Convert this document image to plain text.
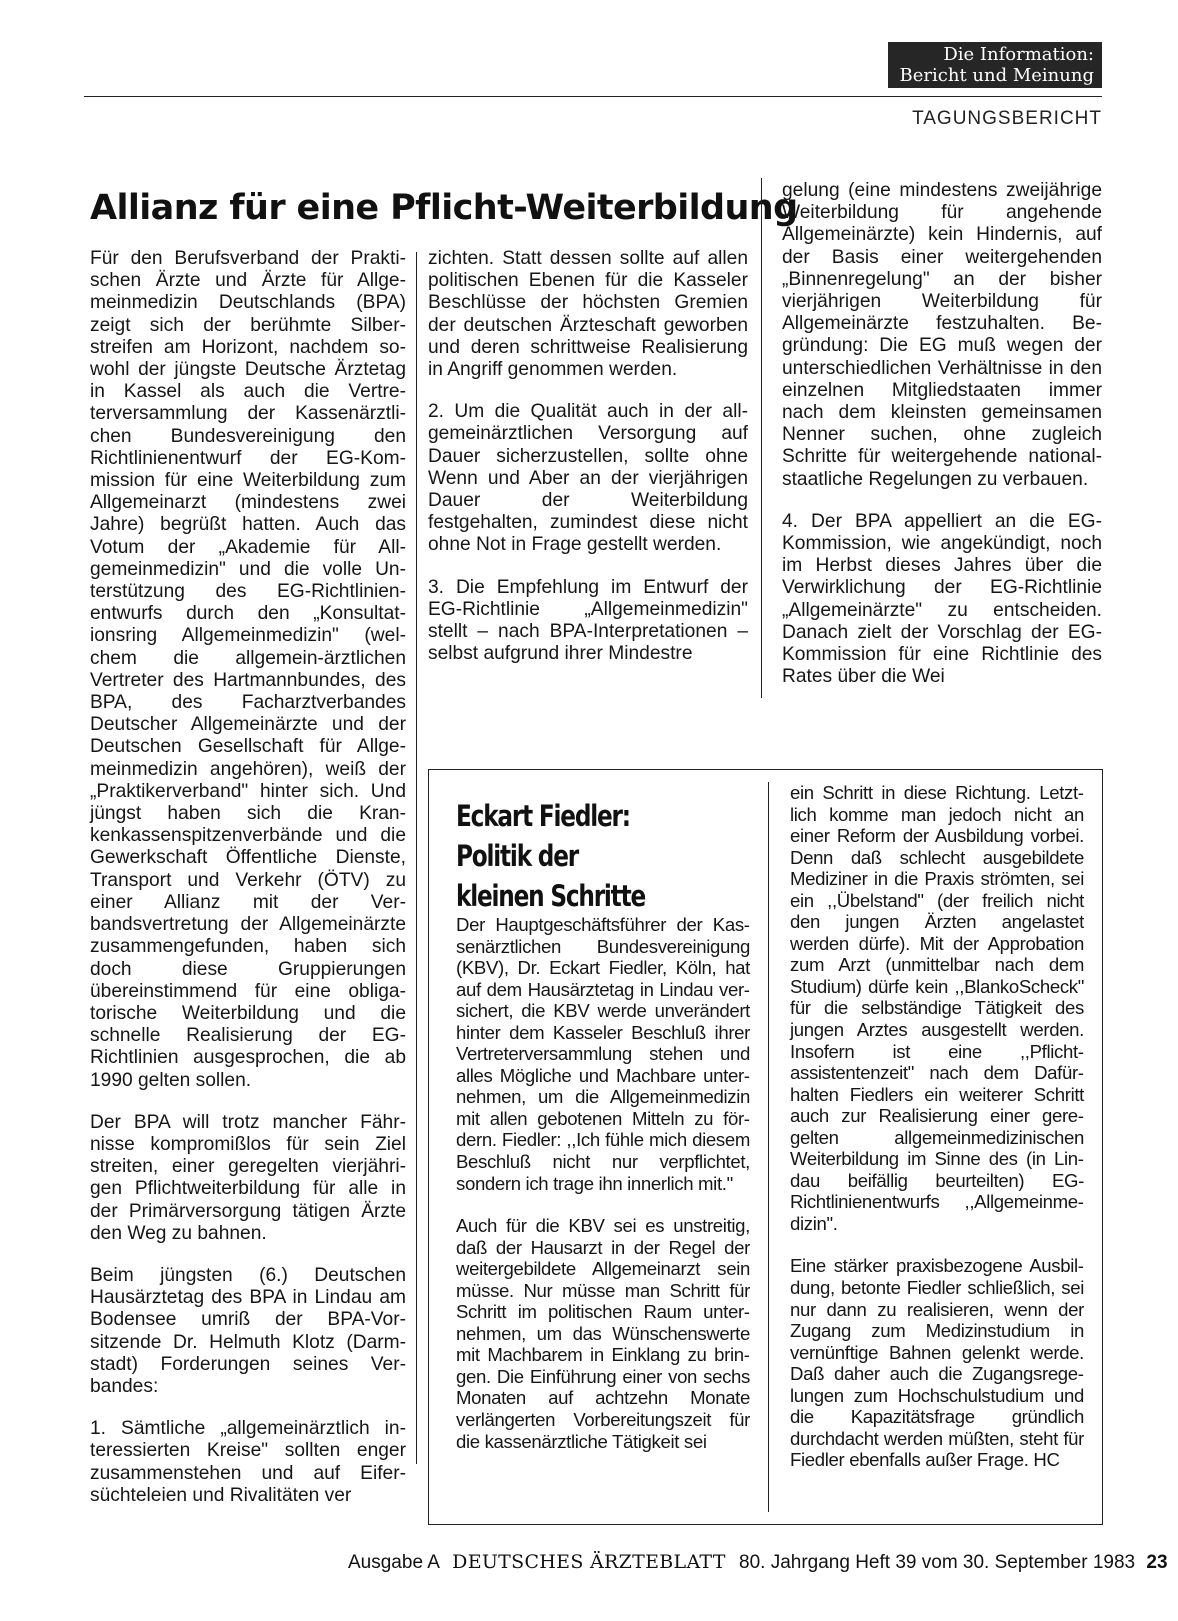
Die Information:
Bericht und Meinung
TAGUNGSBERICHT
Allianz für eine Pflicht-Weiterbildung

Für den Berufsverband der Praktischen Ärzte und Ärzte für Allgemeinmedizin Deutschlands (BPA) zeigt sich der berühmte Silberstreifen am Horizont, nachdem sowohl der jüngste Deutsche Ärztetag in Kassel als auch die Vertreterversammlung der Kassenärztlichen Bundesvereinigung den Richtlinienentwurf der EG-Kommission für eine Weiterbildung zum Allgemeinarzt (mindestens zwei Jahre) begrüßt hatten. Auch das Votum der „Akademie für Allgemeinmedizin" und die volle Unterstützung des EG-Richtlinienentwurfs durch den „Konsultationsring Allgemeinmedizin" (welchem die allgemein-ärztlichen Vertreter des Hartmannbundes, des BPA, des Facharztverbandes Deutscher Allgemeinärzte und der Deutschen Gesellschaft für Allgemeinmedizin angehören), weiß der „Praktikerverband" hinter sich. Und jüngst haben sich die Krankenkassenspitzenverbände und die Gewerkschaft Öffentliche Dienste, Transport und Verkehr (ÖTV) zu einer Allianz mit der Verbandsvertretung der Allgemeinärzte zusammengefunden, haben sich doch diese Gruppierungen übereinstimmend für eine obligatorische Weiterbildung und die schnelle Realisierung der EG-Richtlinien ausgesprochen, die ab 1990 gelten sollen.

Der BPA will trotz mancher Fährnisse kompromißlos für sein Ziel streiten, einer geregelten vierjährigen Pflichtweiterbildung für alle in der Primärversorgung tätigen Ärzte den Weg zu bahnen.

Beim jüngsten (6.) Deutschen Hausärztetag des BPA in Lindau am Bodensee umriß der BPA-Vorsitzende Dr. Helmuth Klotz (Darmstadt) Forderungen seines Verbandes:

1. Sämtliche „allgemeinärztlich interessierten Kreise" sollten enger zusammenstehen und auf Eifersüchteleien und Rivalitäten ver

zichten. Statt dessen sollte auf allen politischen Ebenen für die Kasseler Beschlüsse der höchsten Gremien der deutschen Ärzteschaft geworben und deren schrittweise Realisierung in Angriff genommen werden.

2. Um die Qualität auch in der allgemeinärztlichen Versorgung auf Dauer sicherzustellen, sollte ohne Wenn und Aber an der vierjährigen Dauer der Weiterbildung festgehalten, zumindest diese nicht ohne Not in Frage gestellt werden.

3. Die Empfehlung im Entwurf der EG-Richtlinie „Allgemeinmedizin" stellt – nach BPA-Interpretationen – selbst aufgrund ihrer Mindestre

gelung (eine mindestens zweijährige Weiterbildung für angehende Allgemeinärzte) kein Hindernis, auf der Basis einer weitergehenden „Binnenregelung" an der bisher vierjährigen Weiterbildung für Allgemeinärzte festzuhalten. Begründung: Die EG muß wegen der unterschiedlichen Verhältnisse in den einzelnen Mitgliedstaaten immer nach dem kleinsten gemeinsamen Nenner suchen, ohne zugleich Schritte für weitergehende national-staatliche Regelungen zu verbauen.

4. Der BPA appelliert an die EG-Kommission, wie angekündigt, noch im Herbst dieses Jahres über die Verwirklichung der EG-Richtlinie „Allgemeinärzte" zu entscheiden. Danach zielt der Vorschlag der EG-Kommission für eine Richtlinie des Rates über die Wei

Eckart Fiedler:
Politik der
kleinen Schritte

Der Hauptgeschäftsführer der Kassenärztlichen Bundesvereinigung (KBV), Dr. Eckart Fiedler, Köln, hat auf dem Hausärztetag in Lindau versichert, die KBV werde unverändert hinter dem Kasseler Beschluß ihrer Vertreterversammlung stehen und alles Mögliche und Machbare unternehmen, um die Allgemeinmedizin mit allen gebotenen Mitteln zu fördern. Fiedler: ,,Ich fühle mich diesem Beschluß nicht nur verpflichtet, sondern ich trage ihn innerlich mit."

Auch für die KBV sei es unstreitig, daß der Hausarzt in der Regel der weitergebildete Allgemeinarzt sein müsse. Nur müsse man Schritt für Schritt im politischen Raum unternehmen, um das Wünschenswerte mit Machbarem in Einklang zu bringen. Die Einführung einer von sechs Monaten auf achtzehn Monate verlängerten Vorbereitungszeit für die kassenärztliche Tätigkeit sei

ein Schritt in diese Richtung. Letztlich komme man jedoch nicht an einer Reform der Ausbildung vorbei. Denn daß schlecht ausgebildete Mediziner in die Praxis strömten, sei ein ,,Übelstand" (der freilich nicht den jungen Ärzten angelastet werden dürfe). Mit der Approbation zum Arzt (unmittelbar nach dem Studium) dürfe kein ,,BlankoScheck" für die selbständige Tätigkeit des jungen Arztes ausgestellt werden. Insofern ist eine ,,Pflichtassistentenzeit" nach dem Dafürhalten Fiedlers ein weiterer Schritt auch zur Realisierung einer geregelten allgemeinmedizinischen Weiterbildung im Sinne des (in Lindau beifällig beurteilten) EG-Richtlinienentwurfs ,,Allgemeinmedizin".

Eine stärker praxisbezogene Ausbildung, betonte Fiedler schließlich, sei nur dann zu realisieren, wenn der Zugang zum Medizinstudium in vernünftige Bahnen gelenkt werde. Daß daher auch die Zugangsregelungen zum Hochschulstudium und die Kapazitätsfrage gründlich durchdacht werden müßten, steht für Fiedler ebenfalls außer Frage. HC

Ausgabe A DEUTSCHES ÄRZTEBLATT 80. Jahrgang Heft 39 vom 30. September 1983 23
